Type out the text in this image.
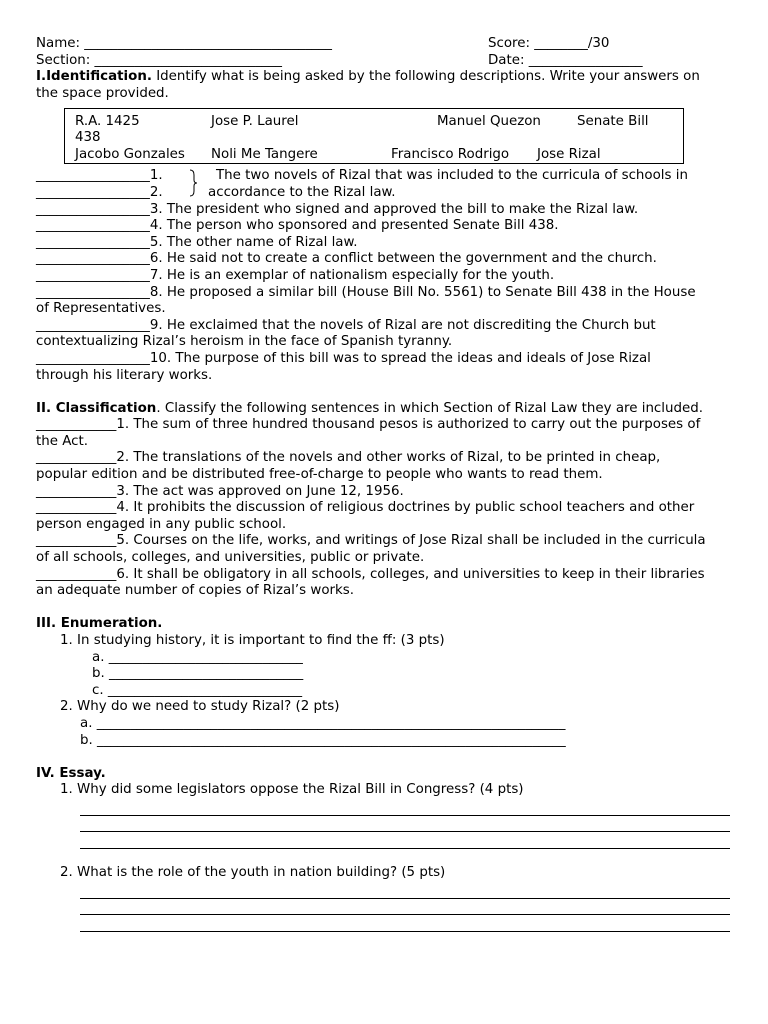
Name: _____________________________________	Score: ________/30
Section: ____________________________	Date: _________________

I.Identification. Identify what is being asked by the following descriptions. Write your answers on

the space provided.

R.A. 1425	Jose P. Laurel	Manuel Quezon	Senate Bill
438
Jacobo Gonzales Noli Me Tangere	Francisco Rodrigo Jose Rizal
_________________1.	The two novels of Rizal that was included to the curricula of schools in
_________________2.	accordance to the Rizal law.

_________________3. The president who signed and approved the bill to make the Rizal law.

_________________4. The person who sponsored and presented Senate Bill 438.

_________________5. The other name of Rizal law.

_________________6. He said not to create a conflict between the government and the church.

_________________7. He is an exemplar of nationalism especially for the youth.

_________________8. He proposed a similar bill (House Bill No. 5561) to Senate Bill 438 in the House

of Representatives.

_________________9. He exclaimed that the novels of Rizal are not discrediting the Church but

contextualizing Rizal’s heroism in the face of Spanish tyranny.

_________________10. The purpose of this bill was to spread the ideas and ideals of Jose Rizal

through his literary works.

II. Classification. Classify the following sentences in which Section of Rizal Law they are included.

____________1. The sum of three hundred thousand pesos is authorized to carry out the purposes of

the Act.

____________2. The translations of the novels and other works of Rizal, to be printed in cheap,

popular edition and be distributed free-of-charge to people who wants to read them.

____________3. The act was approved on June 12, 1956.

____________4. It prohibits the discussion of religious doctrines by public school teachers and other

person engaged in any public school.

____________5. Courses on the life, works, and writings of Jose Rizal shall be included in the curricula

of all schools, colleges, and universities, public or private.

____________6. It shall be obligatory in all schools, colleges, and universities to keep in their libraries

an adequate number of copies of Rizal’s works.

III. Enumeration.

1. In studying history, it is important to find the ff: (3 pts)

a. _____________________________

b. _____________________________

c. _____________________________

2. Why do we need to study Rizal? (2 pts)

a. ______________________________________________________________________

b. ______________________________________________________________________

IV. Essay.

1. Why did some legislators oppose the Rizal Bill in Congress? (4 pts)

2. What is the role of the youth in nation building? (5 pts)
